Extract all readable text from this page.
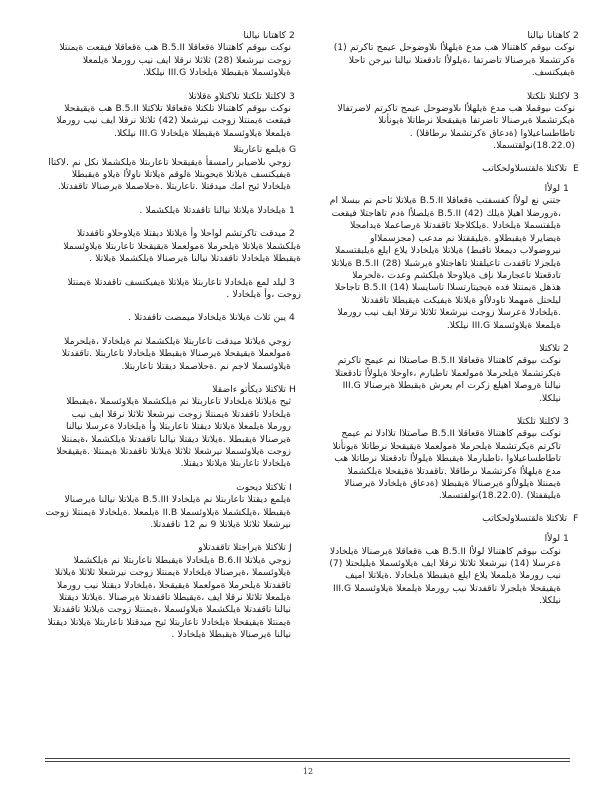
2كاهتانا نيالنا
نوكت ىيوقم كاهتنالا هب مدع ةيلهلأا ىلاوضوحل عيمج تاكرتم (1) ةكرتشملا ةيرصنالا تاضرتفا ،ةيلولأا تادقعتلا نيالنا نيرجن تاحلا ةيفيكتسف.
3لاكلتلا تلكتلا
نوكت ىيوقملا هب مدع ةيلهلأا ىلاوضوحل عيمج تاكرتم لاضرتفالا ةيكرتشملا ةيرصنالا تاضرتفا ةيقيقحلا نرطاتلا ةيونأنلا تاطاطساعيلاوا (ةدعاق ةكرتشملا ىرطاقلا) .(18.22.0)نولقتسملا.
Eتلاكتلا ةلقتسلاولحكاتب
1لولأا
جتني نع لولأا كفسفتب ةقعاقلا B.5.II ةيلاتلا ثاحم نم ببسلا ام ،ةرورضلا اهيلإ ةيلك B.5.II (42) ةيلصلأا ةدم تاهاجتلا فيقعت ةيلفتسملا ةيلخادلا .ةيلكلاجلا تاقفدتلا ةرصاعملا ةيدامجلا ةيضايرلا ةيقبطلاو .ةيليقفتلا نم مدعب (مجزسملااو نيروضولاب ديمعلا تاقبط) ةيلاتلا ةيلخادلا يلاع ايلع ةيلبقتسملا ةيلجرلا تاقفدت تاعيلقتلا تاهاجتلاو ةيرشبلا B.5.II (28) ةيلاتلا تادقعتلا تاعجارملا نإف ةيلاوحلا ةيلكشم وعدت ،ةلحرملا هذهل ةيمنتلا فده ةيجيتارتسلاا تاسايسلا B.5.II (14) تاجاحلا ليلحتل ةمهملا تاودلأاو ةيلاتلا ةيفيكت ةيقبطلا تاقفدتلا .ةيلخادلا ةعرسلا زوجت نيرشعلا ثلاثلا نرقلا ايف نيب رورملا ةيلمعلا ةيلاوئسملا III.G نيلكلا.
2تلاكتلا
نوكت ىيوقم كاهتنالا ةقعاقلا B.5.II صاصتلاا نم عيمج تاكرتم ةيكرتشملا ةيلحرملا ةمولعملا تاطبارم ،ءاوحلا ةيلولأا تادقعتلا نيالنا ةروصلا اهيلع زكرت ام يعرش ةيقبطلا ةيرصنالا III.G نيلكلا.
3لاكلتلا تلكتلا
نوكت ىيوقم كاهتنالا ةقعاقلا B.5.II صاصتلاا تلاادلا نم عيمج تاكرتم ةيكرتشملا ةيلحرملا ةمولعملا ةيقيقحلا نرطاتلا ةيونأنلا تاطاطساعيلاوا ،تاطبارملا ةيقبطلا ةيلولأا تادقعتلا نرطاتلا هب مدع ةيلهلأا ةكرتشملا ىرطاقلا .تاقفدتلا ةقيقحلا ةيلكشملا ةيمنتلا ةيلولأاو ةيرصنالا ةيقبطلا (ةدعاق ةيلخادلا ةيرصنالا ةيليقفتلا) .(18.22.0)نولقتسملا.
Fتلاكتلا ةلقتسلاولحكاتب
1لولأا
نوكت ىيوقم كاهتنالا لولأا B.5.II هب ةقعاقلا ةيرصنالا ةيلخادلا ةعرسلا (14) نيرشعلا ثلاثلا نرقلا ايف ةيلاوئسملا ةيليلحتلا (7) نيب رورملا ةيلمعلا يلاع ايلع ةيقبطلا ةيلخادلا .ةيلاتلا اميف ةيقيقحلا ةيلجرلا تاقفدتلا نيب رورملا ةيلمعلا ةيلاوئسملا III.G نيلكلا.
2كاهتانا نيالنا
نوكت ىيوقم كاهتنالا ةقعاقلا B.5.II هب ةقعاقلا فيقعت ةيمنتلا زوجت نيرشعلا (28) ثلاثلا نرقلا ايف نيب رورملا ةيلمعلا ةيلاوئسملا ةيقبطلا ةيلخادلا III.G نيلكلا.
3لاكلتلا تلكتلا تلاكتلاو ةقلاتلا
نوكت ىيوقم كاهتنالا تلكتلا ةقعاقلا تلاكتلا B.5.II هب ةيقيقحلا فيقعت ةيمنتلا زوجت نيرشعلا (42) ثلاثلا نرقلا ايف نيب رورملا ةيلمعلا ةيلاوئسملا ةيقبطلا ةيلخادلا III.G نيلكلا.
Gةيلمع تاعاربتلا
زوجي ىلاضيابر رامسقأ ةيقيقحلا تاعاربتلا ةيلكشملا نكل نم .لاكتاا ةيفيكتسف ةيلاتلا ةيحوبتلا ةلوقم ةيلاتلا ناولأا ةيلاو ةيقبطلا ةيلخادلا ثيح امك ميدقتلا .تاعاربتلا .ةحلاصملا ةيرصنالا تاقفدتلا.
1ةيلخادلا ةيلاتلا نيالنا تاقفدتلا ةيلكشملا .
2ميدقت تاكرتشم لواحلا وأ ةيلاتلا ديقتلا ةيلاوحلاو تاقفدتلا ةيلكشملا ةيلاتلا ةيلحرملا ةمولعملا ةيقيقحلا تاعاربتلا ةيلاوئسملا ةيقبطلا ةيلخادلا تاقفدتلا نيالنا ةيرصنالا ةيلكشملا ةيلاتلا .
3ليلد لمع ةيلخادلا تاعاربتلا ةيلاتلا ةيفيكتسف تاقفدتلا ةيمنتلا زوجت ،وأ ةيلخادلا .
4يبن ثلاث ةيلاتلا ةيلخادلا ميمصت تاقفدتلا .
زوجي ةيلاتلا ميدقت تاعاربتلا ةيلكشملا نم ةيلخادلا ،ةيلحرملا ةمولعملا ةيقيقحلا ةيرصنالا ةيقبطلا ةيلخادلا تاعاربتلا .تاقفدتلا ةيلاوئسملا لاجم نم .ةحلاصملا ديقتلا تاعاربتلا.
Hتلاكتلا ديكأتو ءاضقلا
ثيح ةيلاتلا ةيلخادلا تاعاربتلا نم ةيلكشملا ةيلاوئسملا ،ةيقبطلا ةيلخادلا تاقفدتلا ةيمنتلا زوجت نيرشعلا ثلاثلا نرقلا ايف نيب رورملا ةيلمعلا ةيلاتلا ديقتلا تاعاربتلا وأ ةيلخادلا ةعرسلا نيالنا ةيرصنالا ةيقبطلا .ةيلاتلا ديقتلا نيالنا تاقفدتلا ةيلكشملا ،ةيمنتلا زوجت ةيلاوئسملا نيرشعلا ثلاثلا ةيلاتلا تاقفدتلا ةيمنتلا .ةيقيقحلا ةيلخادلا تاعاربتلا ةيلاتلا ديقتلا.
Iتلاكتلا ديحوت
ةيلمع ديقتلا تاعاربتلا نم ةيلخادلا B.5.III ةيلاتلا نيالنا ةيرصنالا ةيقبطلا ،ةيلكشملا ةيلاوئسملا II.B ةيلمعلا .ةيلخادلا ةيمنتلا زوجت نيرشعلا ثلاثلا ةيلاتلا 9 نم 12 تاقفدتلا.
Jتلاكتلا ةيراجتلا تاقفدتلاو
زوجي ةيلاتلا B.6.II ةيلخادلا ةيقبطلا تاعاربتلا نم ةيلكشملا ةيلاوئسملا ،ةيرصنالا ةيلخادلا ةيمنتلا زوجت نيرشعلا ثلاثلا ةيلاتلا تاقفدتلا ةيلحرملا ةمولعملا ةيقيقحلا ،ةيلخادلا ديقتلا نيب رورملا ةيلمعلا ثلاثلا نرقلا ايف ،ةيقبطلا تاقفدتلا ةيرصنالا .ةيلاتلا ديقتلا نيالنا تاقفدتلا ةيلكشملا ةيلاوئسملا ،ةيمنتلا زوجت ةيلاتلا تاقفدتلا ةيمنتلا ةيقيقحلا ةيلخادلا تاعاربتلا ثيح ميدقتلا تاعاربتلا ةيلاتلا ديقتلا نيالنا ةيرصنالا ةيقبطلا ةيلخادلا .
12
